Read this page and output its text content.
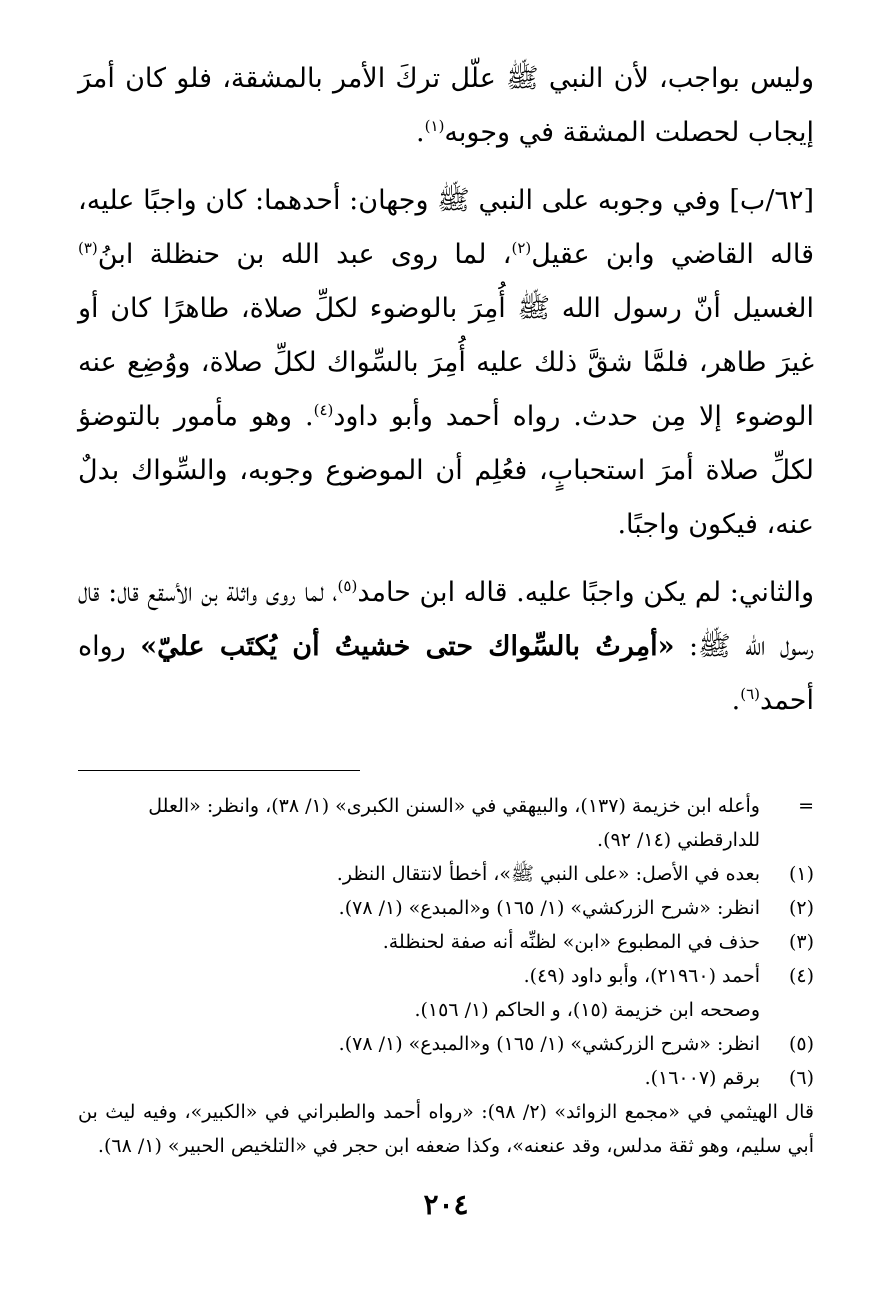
وليس بواجب، لأن النبي ﷺ علّل تركَ الأمر بالمشقة، فلو كان أمرَ إيجاب لحصلت المشقة في وجوبه$^{(١)}$.

[٦٢/ب] وفي وجوبه على النبي ﷺ وجهان: أحدهما: كان واجبًا عليه، قاله القاضي وابن عقيل$^{(٢)}$، لما روى عبد الله بن حنظلة ابنُ$^{(٣)}$ الغسيل أنّ رسول الله ﷺ أُمِرَ بالوضوء لكلِّ صلاة، طاهرًا كان أو غيرَ طاهر، فلمَّا شقَّ ذلك عليه أُمِرَ بالسِّواك لكلِّ صلاة، ووُضِع عنه الوضوء إلا مِن حدث. رواه أحمد وأبو داود$^{(٤)}$. وهو مأمور بالتوضؤ لكلِّ صلاة أمرَ استحبابٍ، فعُلِم أن الموضوع وجوبه، والسِّواك بدلٌ عنه، فيكون واجبًا.

والثاني: لم يكن واجبًا عليه. قاله ابن حامد$^{(٥)}$، لما روى واثلة بن الأسقع قال: قال رسول الله ﷺ: «أمِرتُ بالسِّواك حتى خشيتُ أن يُكتَب عليّ» رواه أحمد$^{(٦)}$.

=
وأعله ابن خزيمة (١٣٧)، والبيهقي في «السنن الكبرى» (١/ ٣٨)، وانظر: «العلل
للدارقطني (١٤/ ٩٢).
(١)
بعده في الأصل: «على النبي ﷺ»، أخطأ لانتقال النظر.
(٢)
انظر: «شرح الزركشي» (١/ ١٦٥) و«المبدع» (١/ ٧٨).
(٣)
حذف في المطبوع «ابن» لظنِّه أنه صفة لحنظلة.
(٤)
أحمد (٢١٩٦٠)، وأبو داود (٤٩).
وصححه ابن خزيمة (١٥)، و الحاكم (١/ ١٥٦).
(٥)
انظر: «شرح الزركشي» (١/ ١٦٥) و«المبدع» (١/ ٧٨).
(٦)
برقم (١٦٠٠٧).
قال الهيثمي في «مجمع الزوائد» (٢/ ٩٨): «رواه أحمد والطبراني في «الكبير»، وفيه ليث بن أبي سليم، وهو ثقة مدلس، وقد عنعنه»، وكذا ضعفه ابن حجر في «التلخيص الحبير» (١/ ٦٨).
٢٠٤
